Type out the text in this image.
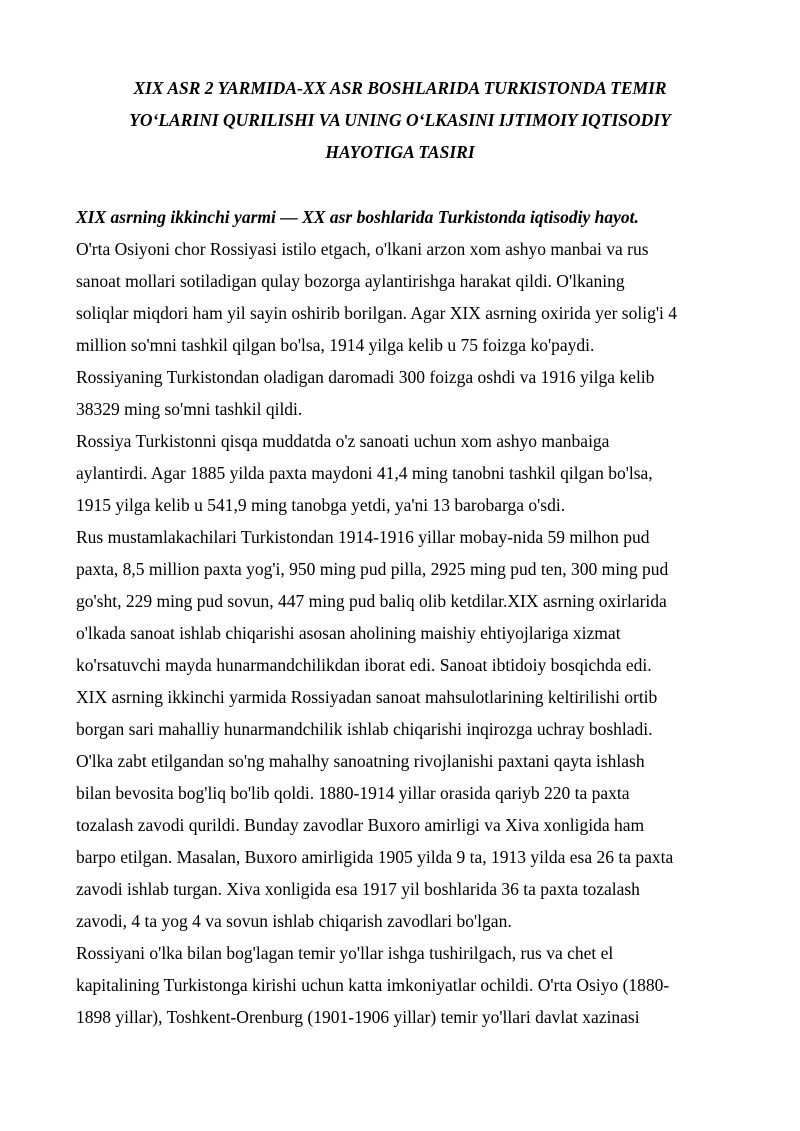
XIX ASR 2 YARMIDA-XX ASR BOSHLARIDA TURKISTONDA TEMIR
YO‘LARINI QURILISHI VA UNING O‘LKASINI IJTIMOIY IQTISODIY
HAYOTIGA TASIRI
XIX asrning ikkinchi yarmi — XX asr boshlarida Turkistonda iqtisodiy hayot.
O'rta Osiyoni chor Rossiyasi istilo etgach, o'lkani arzon xom ashyo manbai va rus
sanoat mollari sotiladigan qulay bozorga aylantirishga harakat qildi. O'lkaning
soliqlar miqdori ham yil sayin oshirib borilgan. Agar XIX asrning oxirida yer solig'i 4
million so'mni tashkil qilgan bo'lsa, 1914 yilga kelib u 75 foizga ko'paydi.
Rossiyaning Turkistondan oladigan daromadi 300 foizga oshdi va 1916 yilga kelib
38329 ming so'mni tashkil qildi.
Rossiya Turkistonni qisqa muddatda o'z sanoati uchun xom ashyo manbaiga
aylantirdi. Agar 1885 yilda paxta maydoni 41,4 ming tanobni tashkil qilgan bo'lsa,
1915 yilga kelib u 541,9 ming tanobga yetdi, ya'ni 13 barobarga o'sdi.
Rus mustamlakachilari Turkistondan 1914-1916 yillar mobay-nida 59 milhon pud
paxta, 8,5 million paxta yog'i, 950 ming pud pilla, 2925 ming pud ten, 300 ming pud
go'sht, 229 ming pud sovun, 447 ming pud baliq olib ketdilar.XIX asrning oxirlarida
o'lkada sanoat ishlab chiqarishi asosan aholining maishiy ehtiyojlariga xizmat
ko'rsatuvchi mayda hunarmandchilikdan iborat edi. Sanoat ibtidoiy bosqichda edi.
XIX asrning ikkinchi yarmida Rossiyadan sanoat mahsulotlarining keltirilishi ortib
borgan sari mahalliy hunarmandchilik ishlab chiqarishi inqirozga uchray boshladi.
O'lka zabt etilgandan so'ng mahalhy sanoatning rivojlanishi paxtani qayta ishlash
bilan bevosita bog'liq bo'lib qoldi. 1880-1914 yillar orasida qariyb 220 ta paxta
tozalash zavodi qurildi. Bunday zavodlar Buxoro amirligi va Xiva xonligida ham
barpo etilgan. Masalan, Buxoro amirligida 1905 yilda 9 ta, 1913 yilda esa 26 ta paxta
zavodi ishlab turgan. Xiva xonligida esa 1917 yil boshlarida 36 ta paxta tozalash
zavodi, 4 ta yog 4 va sovun ishlab chiqarish zavodlari bo'lgan.
Rossiyani o'lka bilan bog'lagan temir yo'llar ishga tushirilgach, rus va chet el
kapitalining Turkistonga kirishi uchun katta imkoniyatlar ochildi. O'rta Osiyo (1880-
1898 yillar), Toshkent-Orenburg (1901-1906 yillar) temir yo'llari davlat xazinasi
